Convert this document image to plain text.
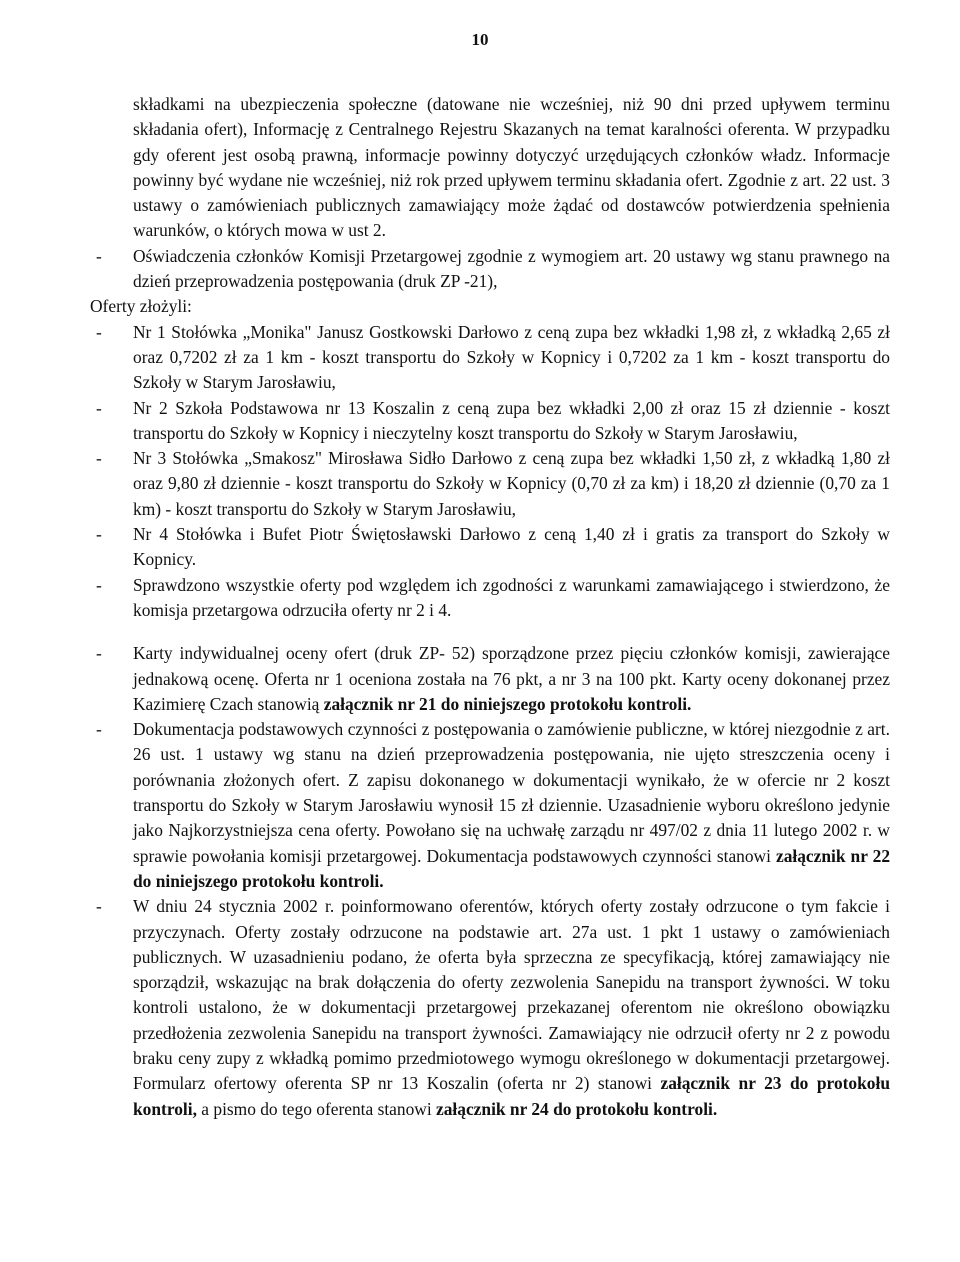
10

składkami na ubezpieczenia społeczne (datowane nie wcześniej, niż 90 dni przed upływem terminu składania ofert), Informację z Centralnego Rejestru Skazanych na temat karalności oferenta. W przypadku gdy oferent jest osobą prawną, informacje powinny dotyczyć urzędujących członków władz. Informacje powinny być wydane nie wcześniej, niż rok przed upływem terminu składania ofert. Zgodnie z art. 22 ust. 3 ustawy o zamówieniach publicznych zamawiający może żądać od dostawców potwierdzenia spełnienia warunków, o których mowa w ust 2.

- Oświadczenia członków Komisji Przetargowej zgodnie z wymogiem art. 20 ustawy wg stanu prawnego na dzień przeprowadzenia postępowania (druk ZP -21),

Oferty złożyli:

- Nr 1 Stołówka „Monika" Janusz Gostkowski Darłowo z ceną zupa bez wkładki 1,98 zł, z wkładką 2,65 zł oraz 0,7202 zł za 1 km - koszt transportu do Szkoły w Kopnicy i 0,7202 za 1 km - koszt transportu do Szkoły w Starym Jarosławiu,
- Nr 2 Szkoła Podstawowa nr 13 Koszalin z ceną zupa bez wkładki 2,00 zł oraz 15 zł dziennie - koszt transportu do Szkoły w Kopnicy i nieczytelny koszt transportu do Szkoły w Starym Jarosławiu,
- Nr 3 Stołówka „Smakosz" Mirosława Sidło Darłowo z ceną zupa bez wkładki 1,50 zł, z wkładką 1,80 zł oraz 9,80 zł dziennie - koszt transportu do Szkoły w Kopnicy (0,70 zł za km) i 18,20 zł dziennie (0,70 za 1 km) - koszt transportu do Szkoły w Starym Jarosławiu,
- Nr 4 Stołówka i Bufet Piotr Świętosławski Darłowo z ceną 1,40 zł i gratis za transport do Szkoły w Kopnicy.
- Sprawdzono wszystkie oferty pod względem ich zgodności z warunkami zamawiającego i stwierdzono, że komisja przetargowa odrzuciła oferty nr 2 i 4.
- Karty indywidualnej oceny ofert (druk ZP- 52) sporządzone przez pięciu członków komisji, zawierające jednakową ocenę. Oferta nr 1 oceniona została na 76 pkt, a nr 3 na 100 pkt. Karty oceny dokonanej przez Kazimierę Czach stanowią załącznik nr 21 do niniejszego protokołu kontroli.
- Dokumentacja podstawowych czynności z postępowania o zamówienie publiczne, w której niezgodnie z art. 26 ust. 1 ustawy wg stanu na dzień przeprowadzenia postępowania, nie ujęto streszczenia oceny i porównania złożonych ofert. Z zapisu dokonanego w dokumentacji wynikało, że w ofercie nr 2 koszt transportu do Szkoły w Starym Jarosławiu wynosił 15 zł dziennie. Uzasadnienie wyboru określono jedynie jako Najkorzystniejsza cena oferty. Powołano się na uchwałę zarządu nr 497/02 z dnia 11 lutego 2002 r. w sprawie powołania komisji przetargowej. Dokumentacja podstawowych czynności stanowi załącznik nr 22 do niniejszego protokołu kontroli.
- W dniu 24 stycznia 2002 r. poinformowano oferentów, których oferty zostały odrzucone o tym fakcie i przyczynach. Oferty zostały odrzucone na podstawie art. 27a ust. 1 pkt 1 ustawy o zamówieniach publicznych. W uzasadnieniu podano, że oferta była sprzeczna ze specyfikacją, której zamawiający nie sporządził, wskazując na brak dołączenia do oferty zezwolenia Sanepidu na transport żywności. W toku kontroli ustalono, że w dokumentacji przetargowej przekazanej oferentom nie określono obowiązku przedłożenia zezwolenia Sanepidu na transport żywności. Zamawiający nie odrzucił oferty nr 2 z powodu braku ceny zupy z wkładką pomimo przedmiotowego wymogu określonego w dokumentacji przetargowej. Formularz ofertowy oferenta SP nr 13 Koszalin (oferta nr 2) stanowi załącznik nr 23 do protokołu kontroli, a pismo do tego oferenta stanowi załącznik nr 24 do protokołu kontroli.
